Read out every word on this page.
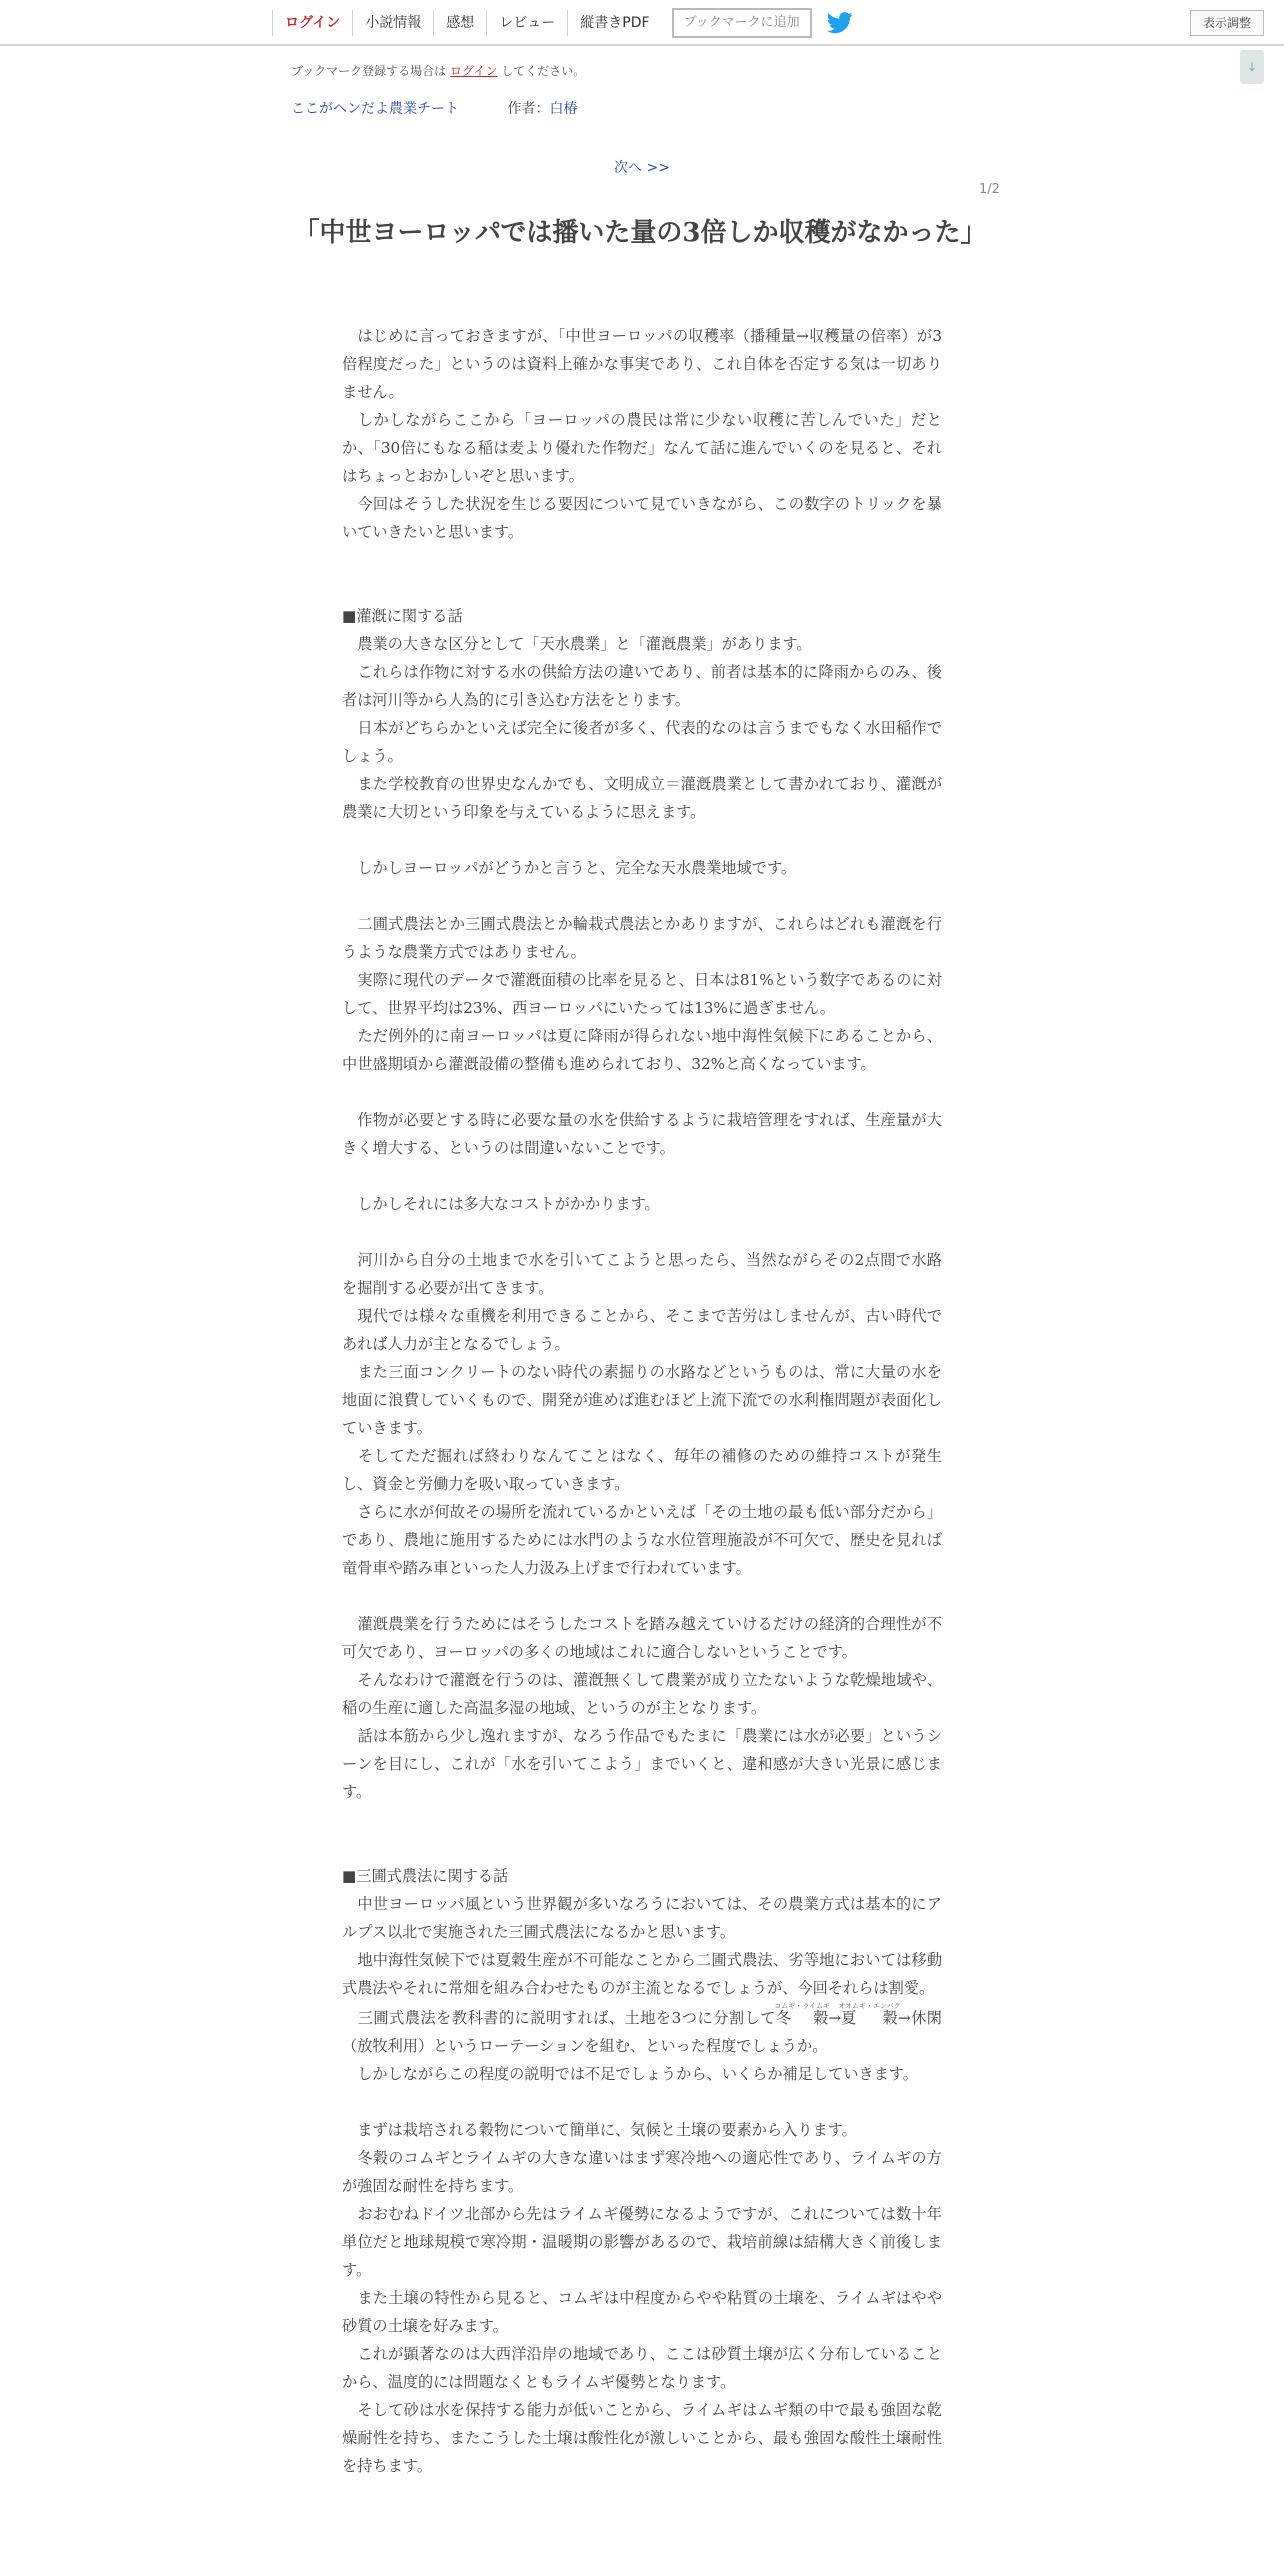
ログイン	小説情報	感想	レビュー	縦書きPDF	ブックマークに追加	表示調整
↓
ブックマーク登録する場合は ログイン してください。
ここがヘンだよ農業チート	作者：白椿
次へ >>
1/2
「中世ヨーロッパでは播いた量の3倍しか収穫がなかった」

　はじめに言っておきますが、「中世ヨーロッパの収穫率（播種量→収穫量の倍率）が3倍程度だった」というのは資料上確かな事実であり、これ自体を否定する気は一切ありません。

　しかしながらここから「ヨーロッパの農民は常に少ない収穫に苦しんでいた」だとか、「30倍にもなる稲は麦より優れた作物だ」なんて話に進んでいくのを見ると、それはちょっとおかしいぞと思います。

　今回はそうした状況を生じる要因について見ていきながら、この数字のトリックを暴いていきたいと思います。

■灌漑に関する話

　農業の大きな区分として「天水農業」と「灌漑農業」があります。

　これらは作物に対する水の供給方法の違いであり、前者は基本的に降雨からのみ、後者は河川等から人為的に引き込む方法をとります。

　日本がどちらかといえば完全に後者が多く、代表的なのは言うまでもなく水田稲作でしょう。

　また学校教育の世界史なんかでも、文明成立＝灌漑農業として書かれており、灌漑が農業に大切という印象を与えているように思えます。

　しかしヨーロッパがどうかと言うと、完全な天水農業地域です。

　二圃式農法とか三圃式農法とか輪栽式農法とかありますが、これらはどれも灌漑を行うような農業方式ではありません。

　実際に現代のデータで灌漑面積の比率を見ると、日本は81%という数字であるのに対して、世界平均は23%、西ヨーロッパにいたっては13%に過ぎません。

　ただ例外的に南ヨーロッパは夏に降雨が得られない地中海性気候下にあることから、中世盛期頃から灌漑設備の整備も進められており、32%と高くなっています。

　作物が必要とする時に必要な量の水を供給するように栽培管理をすれば、生産量が大きく増大する、というのは間違いないことです。

　しかしそれには多大なコストがかかります。

　河川から自分の土地まで水を引いてこようと思ったら、当然ながらその2点間で水路を掘削する必要が出てきます。

　現代では様々な重機を利用できることから、そこまで苦労はしませんが、古い時代であれば人力が主となるでしょう。

　また三面コンクリートのない時代の素掘りの水路などというものは、常に大量の水を地面に浪費していくもので、開発が進めば進むほど上流下流での水利権問題が表面化していきます。

　そしてただ掘れば終わりなんてことはなく、毎年の補修のための維持コストが発生し、資金と労働力を吸い取っていきます。

　さらに水が何故その場所を流れているかといえば「その土地の最も低い部分だから」であり、農地に施用するためには水門のような水位管理施設が不可欠で、歴史を見れば竜骨車や踏み車といった人力汲み上げまで行われています。

　灌漑農業を行うためにはそうしたコストを踏み越えていけるだけの経済的合理性が不可欠であり、ヨーロッパの多くの地域はこれに適合しないということです。

　そんなわけで灌漑を行うのは、灌漑無くして農業が成り立たないような乾燥地域や、稲の生産に適した高温多湿の地域、というのが主となります。

　話は本筋から少し逸れますが、なろう作品でもたまに「農業には水が必要」というシーンを目にし、これが「水を引いてこよう」までいくと、違和感が大きい光景に感じます。

■三圃式農法に関する話

　中世ヨーロッパ風という世界観が多いなろうにおいては、その農業方式は基本的にアルプス以北で実施された三圃式農法になるかと思います。

　地中海性気候下では夏穀生産が不可能なことから二圃式農法、劣等地においては移動式農法やそれに常畑を組み合わせたものが主流となるでしょうが、今回それらは割愛。

　三圃式農法を教科書的に説明すれば、土地を3つに分割して冬　穀コムギ・ライムギ→夏　穀オオムギ・エンバク→休閑（放牧利用）というローテーションを組む、といった程度でしょうか。

　しかしながらこの程度の説明では不足でしょうから、いくらか補足していきます。

　まずは栽培される穀物について簡単に、気候と土壌の要素から入ります。

　冬穀のコムギとライムギの大きな違いはまず寒冷地への適応性であり、ライムギの方が強固な耐性を持ちます。

　おおむねドイツ北部から先はライムギ優勢になるようですが、これについては数十年単位だと地球規模で寒冷期・温暖期の影響があるので、栽培前線は結構大きく前後します。

　また土壌の特性から見ると、コムギは中程度からやや粘質の土壌を、ライムギはやや砂質の土壌を好みます。

　これが顕著なのは大西洋沿岸の地域であり、ここは砂質土壌が広く分布していることから、温度的には問題なくともライムギ優勢となります。

　そして砂は水を保持する能力が低いことから、ライムギはムギ類の中で最も強固な乾燥耐性を持ち、またこうした土壌は酸性化が激しいことから、最も強固な酸性土壌耐性を持ちます。
